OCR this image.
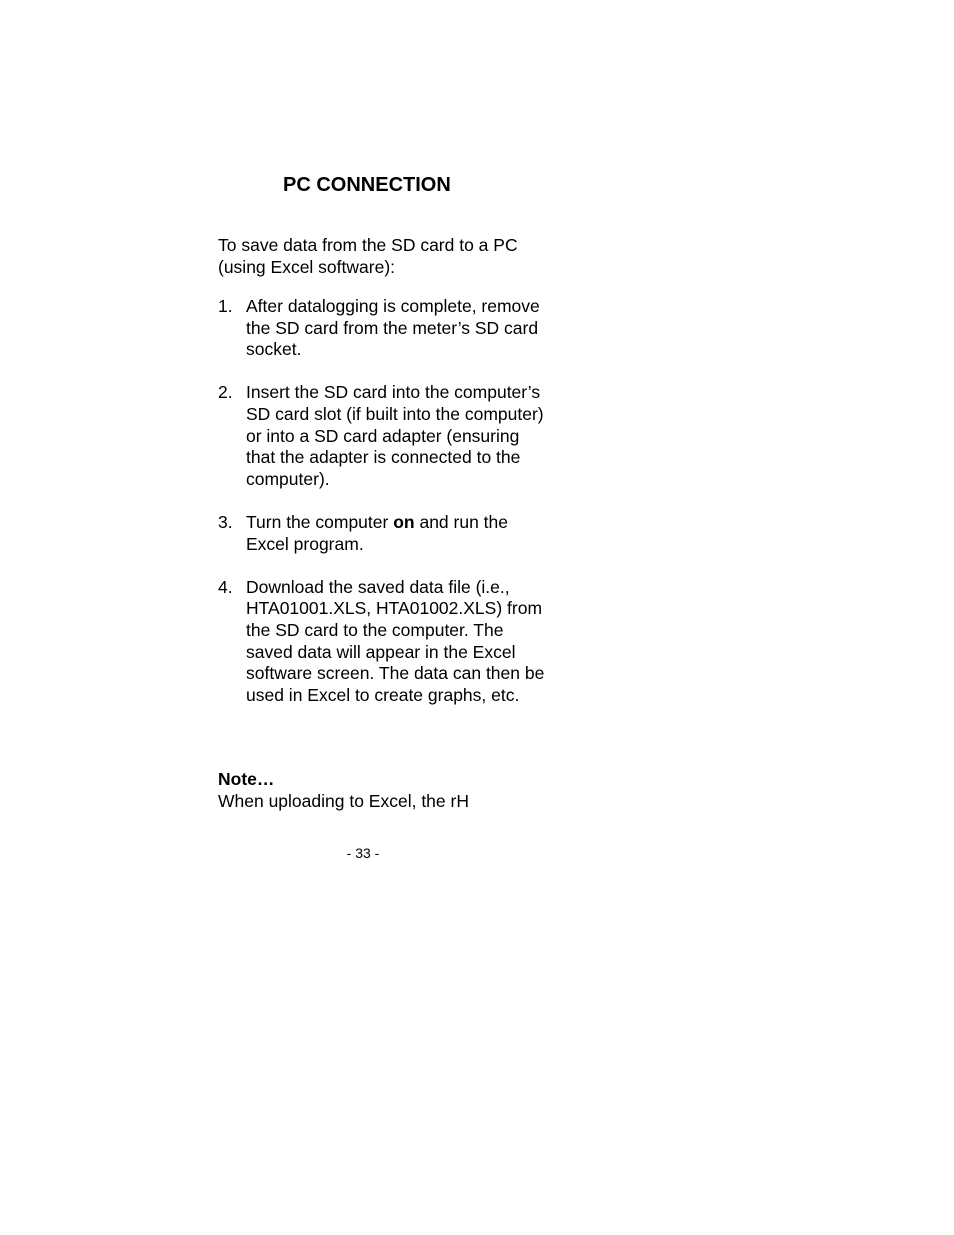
PC CONNECTION

To save data from the SD card to a PC (using Excel software):

1. After datalogging is complete, remove the SD card from the meter’s SD card socket.
2. Insert the SD card into the computer’s SD card slot (if built into the computer) or into a SD card adapter (ensuring that the adapter is connected to the computer).
3. Turn the computer on and run the Excel program.
4. Download the saved data file (i.e., HTA01001.XLS, HTA01002.XLS) from the SD card to the computer. The saved data will appear in the Excel software screen. The data can then be used in Excel to create graphs, etc.
Note…
When uploading to Excel, the rH
- 33 -
